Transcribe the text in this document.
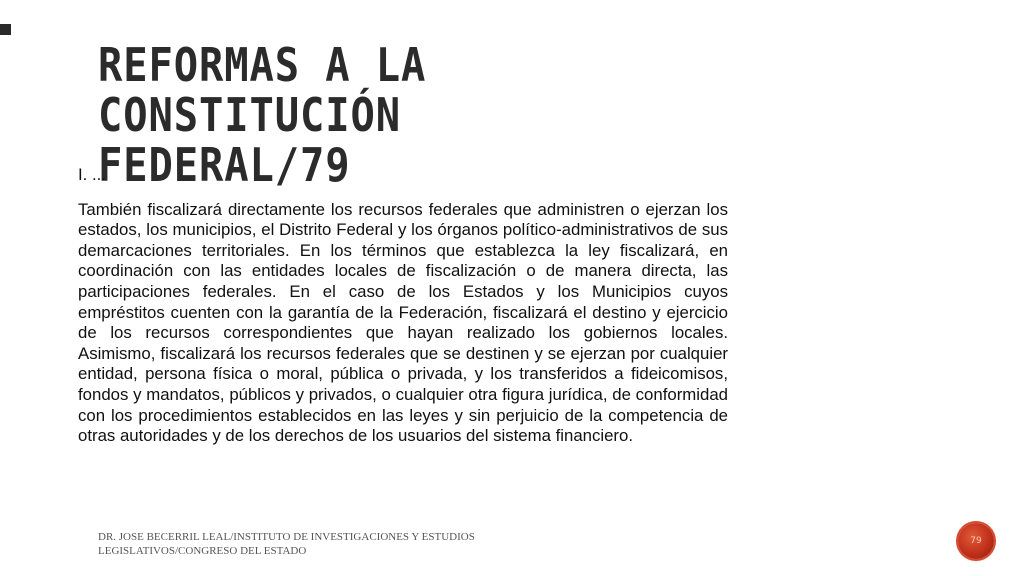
REFORMAS A LA CONSTITUCIÓN
FEDERAL/79

I. ...

También fiscalizará directamente los recursos federales que administren o ejerzan los estados, los municipios, el Distrito Federal y los órganos político-administrativos de sus demarcaciones territoriales. En los términos que establezca la ley fiscalizará, en coordinación con las entidades locales de fiscalización o de manera directa, las participaciones federales. En el caso de los Estados y los Municipios cuyos empréstitos cuenten con la garantía de la Federación, fiscalizará el destino y ejercicio de los recursos correspondientes que hayan realizado los gobiernos locales. Asimismo, fiscalizará los recursos federales que se destinen y se ejerzan por cualquier entidad, persona física o moral, pública o privada, y los transferidos a fideicomisos, fondos y mandatos, públicos y privados, o cualquier otra figura jurídica, de conformidad con los procedimientos establecidos en las leyes y sin perjuicio de la competencia de otras autoridades y de los derechos de los usuarios del sistema financiero.

DR. JOSE BECERRIL LEAL/INSTITUTO DE INVESTIGACIONES Y ESTUDIOS
LEGISLATIVOS/CONGRESO DEL ESTADO
79
